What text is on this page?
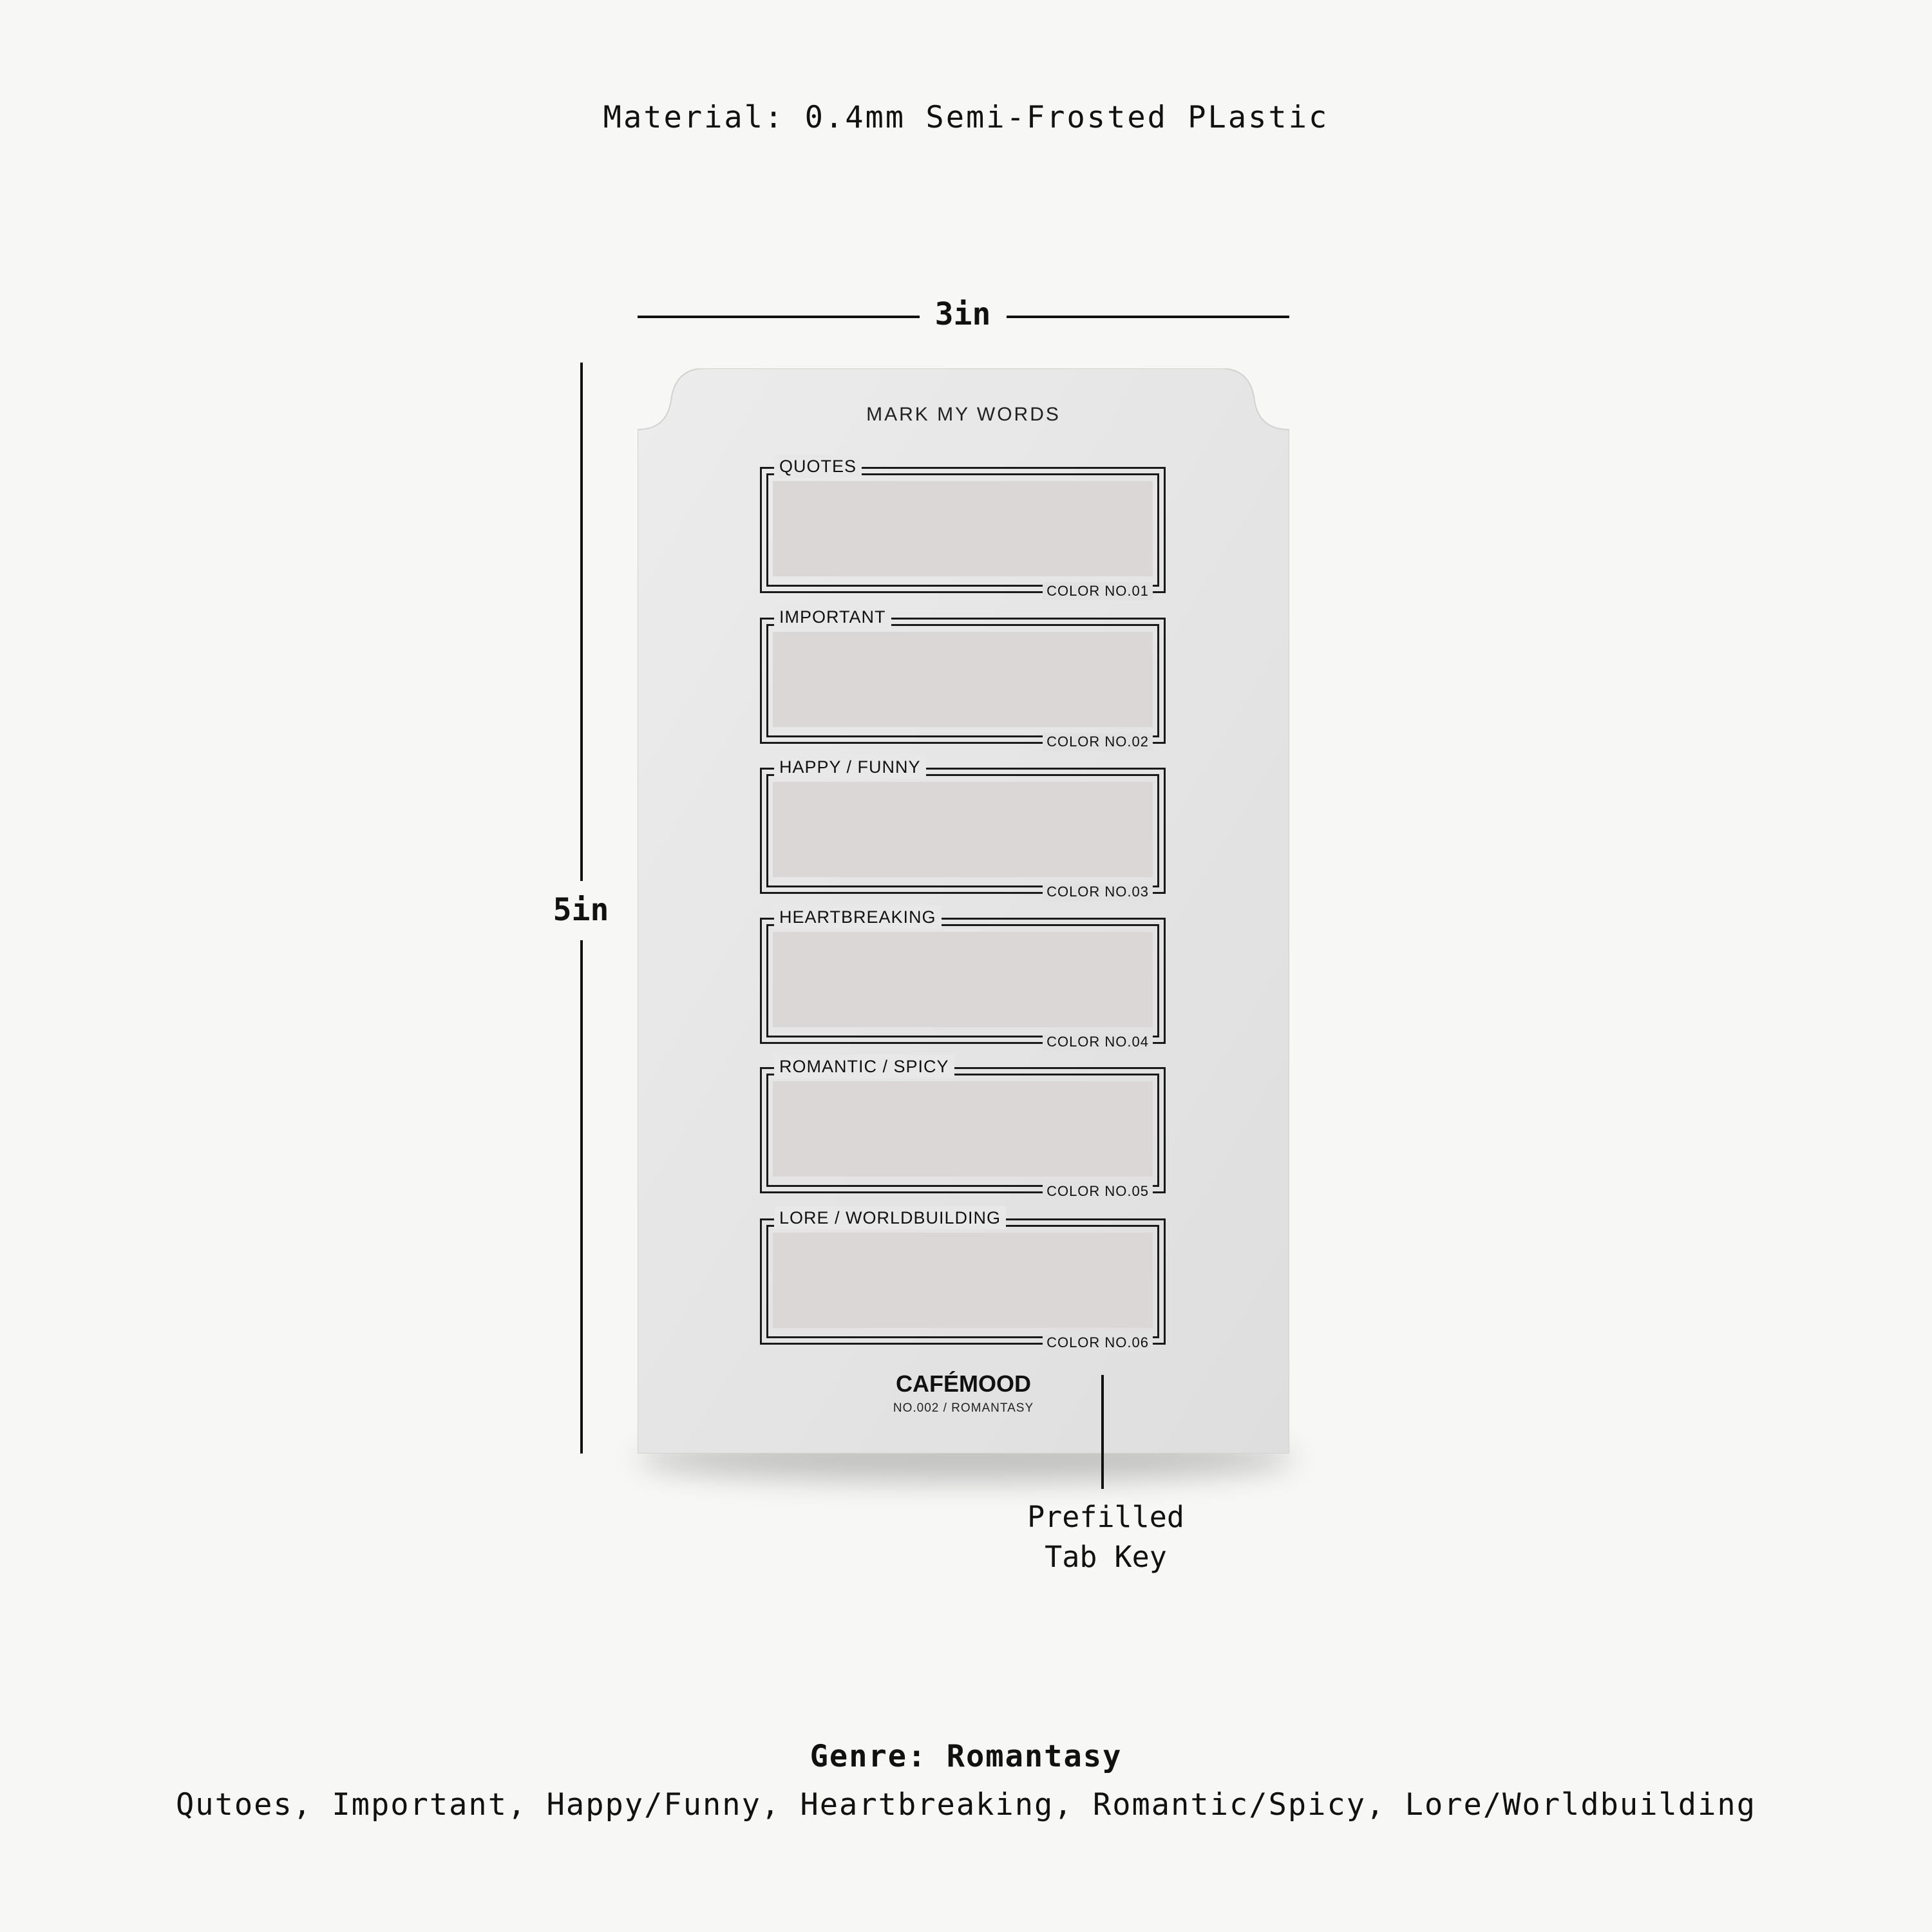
Material: 0.4mm Semi-Frosted PLastic
3in
5in
MARK MY WORDS
QUOTES
COLOR NO.01
IMPORTANT
COLOR NO.02
HAPPY / FUNNY
COLOR NO.03
HEARTBREAKING
COLOR NO.04
ROMANTIC / SPICY
COLOR NO.05
LORE / WORLDBUILDING
COLOR NO.06
CAFÉMOOD
NO.002 / ROMANTASY
Prefilled
Tab Key
Genre: Romantasy
Qutoes, Important, Happy/Funny, Heartbreaking, Romantic/Spicy, Lore/Worldbuilding
